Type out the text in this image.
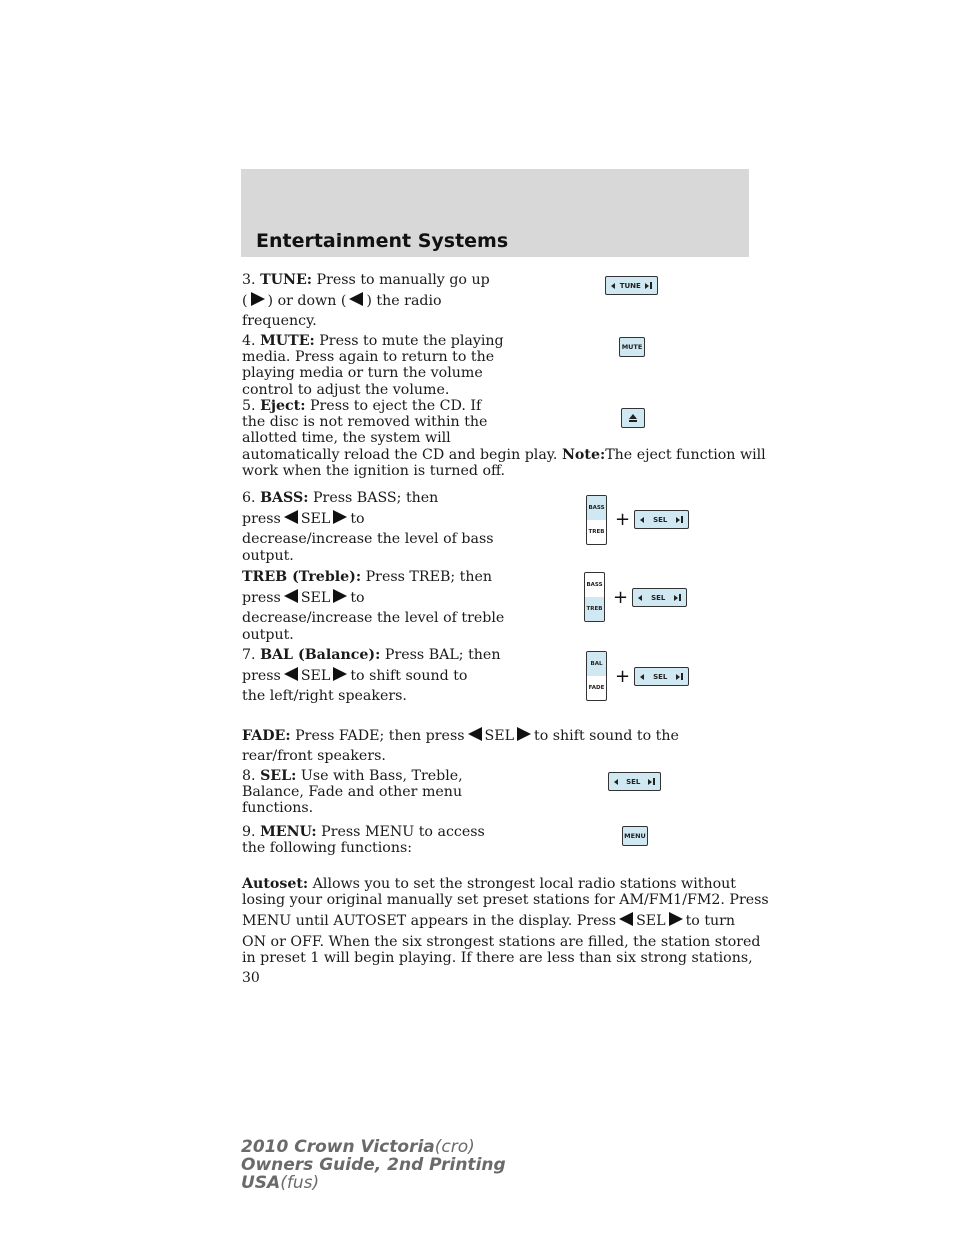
Entertainment Systems
3. TUNE: Press to manually go up
( ) or down ( ) the radio
frequency.
TUNE
4. MUTE: Press to mute the playing
media. Press again to return to the
playing media or turn the volume
control to adjust the volume.
MUTE
5. Eject: Press to eject the CD. If
the disc is not removed within the
allotted time, the system will
automatically reload the CD and begin play. Note:The eject function will
work when the ignition is turned off.
6. BASS: Press BASS; then
press SEL to
decrease/increase the level of bass
output.
BASS
TREB
+	SEL
TREB (Treble): Press TREB; then
press SEL to
decrease/increase the level of treble
output.
BASS
TREB
+	SEL
7. BAL (Balance): Press BAL; then
press SEL to shift sound to
the left/right speakers.
BAL
FADE
+	SEL
FADE: Press FADE; then press SEL to shift sound to the
rear/front speakers.
8. SEL: Use with Bass, Treble,
Balance, Fade and other menu
functions.
SEL
9. MENU: Press MENU to access
the following functions:
MENU
Autoset: Allows you to set the strongest local radio stations without
losing your original manually set preset stations for AM/FM1/FM2. Press
MENU until AUTOSET appears in the display. Press SEL to turn
ON or OFF. When the six strongest stations are filled, the station stored
in preset 1 will begin playing. If there are less than six strong stations,
30
2010 Crown Victoria(cro)
Owners Guide, 2nd Printing
USA(fus)
